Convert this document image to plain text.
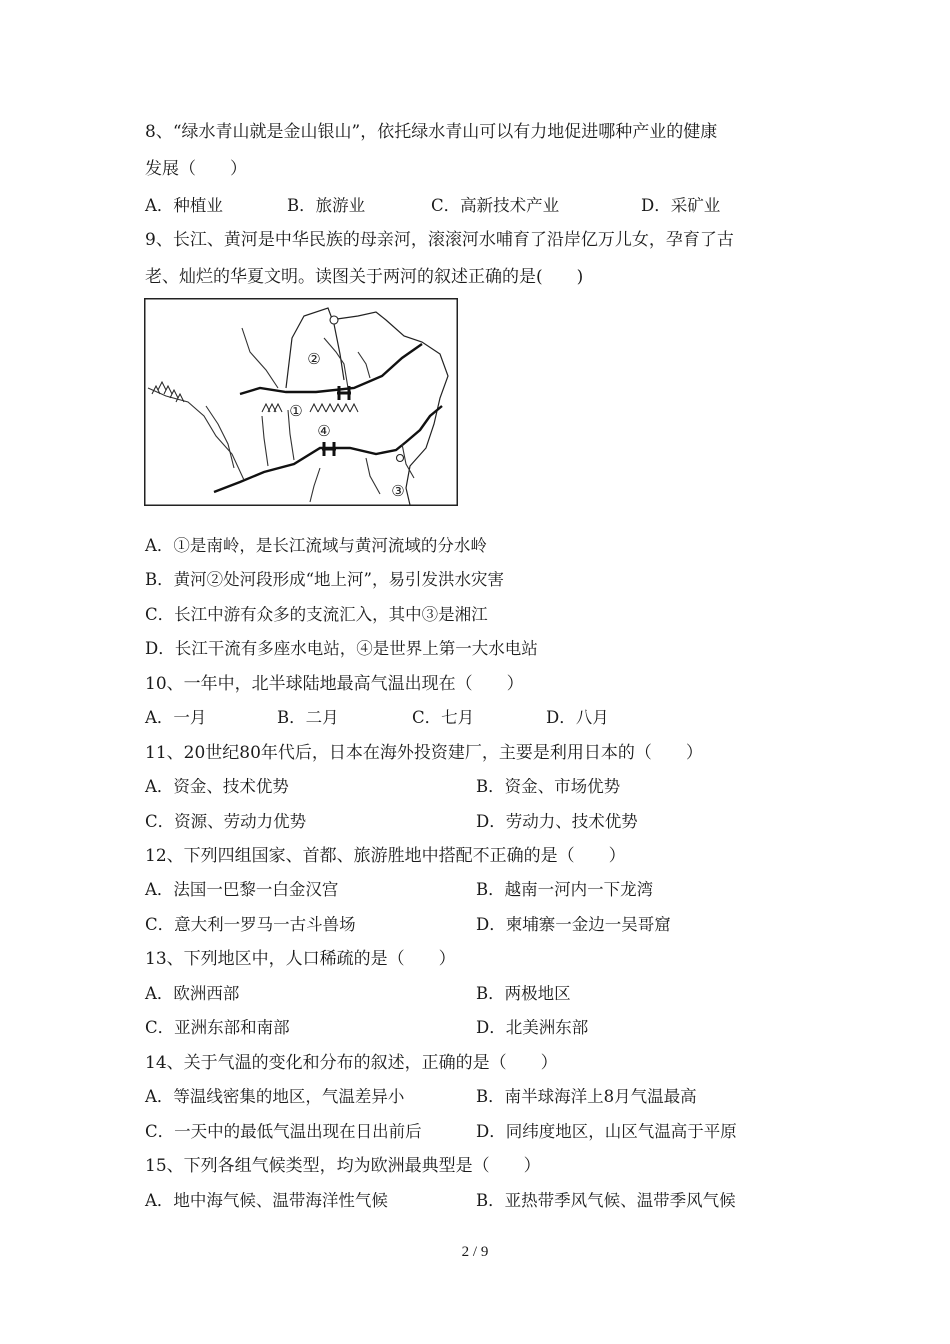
8、“绿水青山就是金山银山”，依托绿水青山可以有力地促进哪种产业的健康
发展（　　）
A．种植业	B．旅游业	C．高新技术产业	D．采矿业
9、长江、黄河是中华民族的母亲河，滚滚河水哺育了沿岸亿万儿女，孕育了古
老、灿烂的华夏文明。读图关于两河的叙述正确的是(　　)
②
①
④
③
A．①是南岭，是长江流域与黄河流域的分水岭
B．黄河②处河段形成“地上河”，易引发洪水灾害
C．长江中游有众多的支流汇入，其中③是湘江
D．长江干流有多座水电站，④是世界上第一大水电站
10、一年中，北半球陆地最高气温出现在（　　）
A．一月	B．二月	C．七月	D．八月
11、20世纪80年代后，日本在海外投资建厂，主要是利用日本的（　　）
A．资金、技术优势	B．资金、市场优势
C．资源、劳动力优势	D．劳动力、技术优势
12、下列四组国家、首都、旅游胜地中搭配不正确的是（　　）
A．法国一巴黎一白金汉宫	B．越南一河内一下龙湾
C．意大利一罗马一古斗兽场	D．柬埔寨一金边一吴哥窟
13、下列地区中，人口稀疏的是（　　）
A．欧洲西部	B．两极地区
C．亚洲东部和南部	D．北美洲东部
14、关于气温的变化和分布的叙述，正确的是（　　）
A．等温线密集的地区，气温差异小	B．南半球海洋上8月气温最高
C．一天中的最低气温出现在日出前后	D．同纬度地区，山区气温高于平原
15、下列各组气候类型，均为欧洲最典型是（　　）
A．地中海气候、温带海洋性气候	B．亚热带季风气候、温带季风气候
2 / 9
